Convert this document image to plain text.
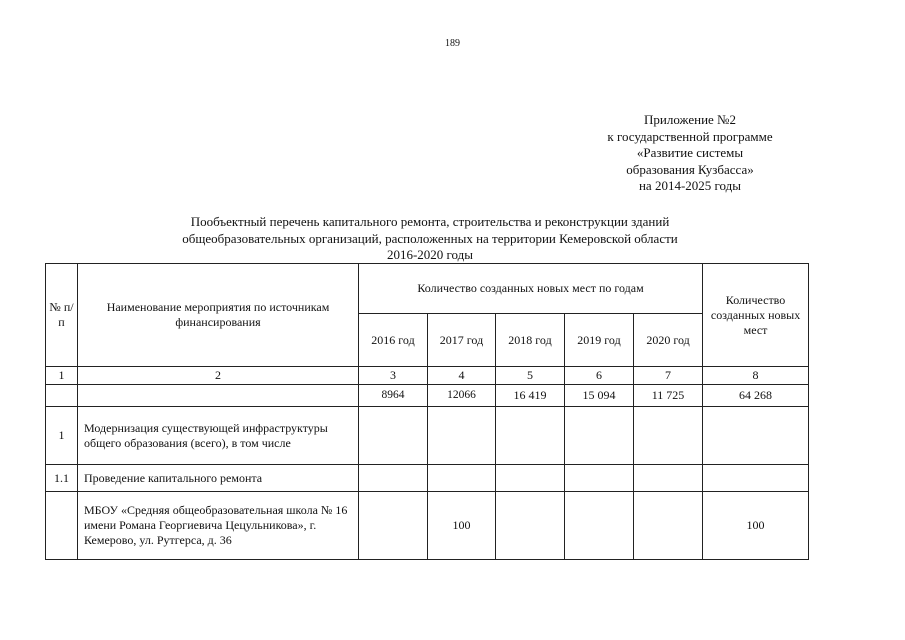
189
Приложение №2
к государственной программе
«Развитие системы
образования Кузбасса»
на 2014-2025 годы
Пообъектный перечень капитального ремонта, строительства и реконструкции зданий
общеобразовательных организаций, расположенных на территории Кемеровской области
2016-2020 годы
№ п/п	Наименование мероприятия по источникам финансирования	Количество созданных новых мест по годам					Количество созданных новых мест
		2016 год	2017 год	2018 год	2019 год	2020 год	
1	2	3	4	5	6	7	8
		8964	12066	16 419	15 094	11 725	64 268
1	Модернизация существующей инфраструктуры общего образования (всего), в том числе						
1.1	Проведение капитального ремонта						
	МБОУ «Средняя общеобразовательная школа № 16 имени Романа Георгиевича Цецульникова», г. Кемерово, ул. Рутгерса, д. 36		100				100
